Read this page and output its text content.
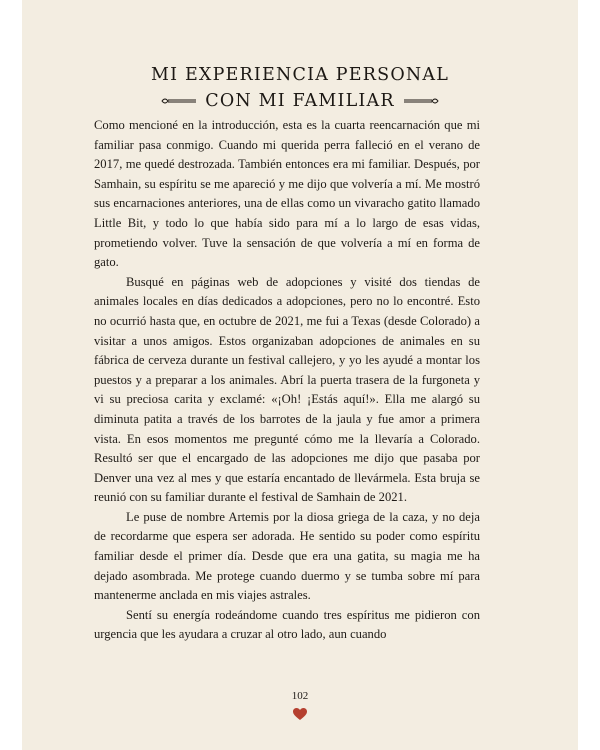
MI EXPERIENCIA PERSONAL
CON MI FAMILIAR

Como mencioné en la introducción, esta es la cuarta reencarnación que mi familiar pasa conmigo. Cuando mi querida perra falleció en el verano de 2017, me quedé destrozada. También entonces era mi familiar. Después, por Samhain, su espíritu se me apareció y me dijo que volvería a mí. Me mostró sus encarnaciones anteriores, una de ellas como un vivaracho gatito llamado Little Bit, y todo lo que había sido para mí a lo largo de esas vidas, prometiendo volver. Tuve la sensación de que volvería a mí en forma de gato.

Busqué en páginas web de adopciones y visité dos tiendas de animales locales en días dedicados a adopciones, pero no lo encontré. Esto no ocurrió hasta que, en octubre de 2021, me fui a Texas (desde Colorado) a visitar a unos amigos. Estos organizaban adopciones de animales en su fábrica de cerveza durante un festival callejero, y yo les ayudé a montar los puestos y a preparar a los animales. Abrí la puerta trasera de la furgoneta y vi su preciosa carita y exclamé: «¡Oh! ¡Estás aquí!». Ella me alargó su diminuta patita a través de los barrotes de la jaula y fue amor a primera vista. En esos momentos me pregunté cómo me la llevaría a Colorado. Resultó ser que el encargado de las adopciones me dijo que pasaba por Denver una vez al mes y que estaría encantado de llevármela. Esta bruja se reunió con su familiar durante el festival de Samhain de 2021.

Le puse de nombre Artemis por la diosa griega de la caza, y no deja de recordarme que espera ser adorada. He sentido su poder como espíritu familiar desde el primer día. Desde que era una gatita, su magia me ha dejado asombrada. Me protege cuando duermo y se tumba sobre mí para mantenerme anclada en mis viajes astrales.

Sentí su energía rodeándome cuando tres espíritus me pidieron con urgencia que les ayudara a cruzar al otro lado, aun cuando

102
